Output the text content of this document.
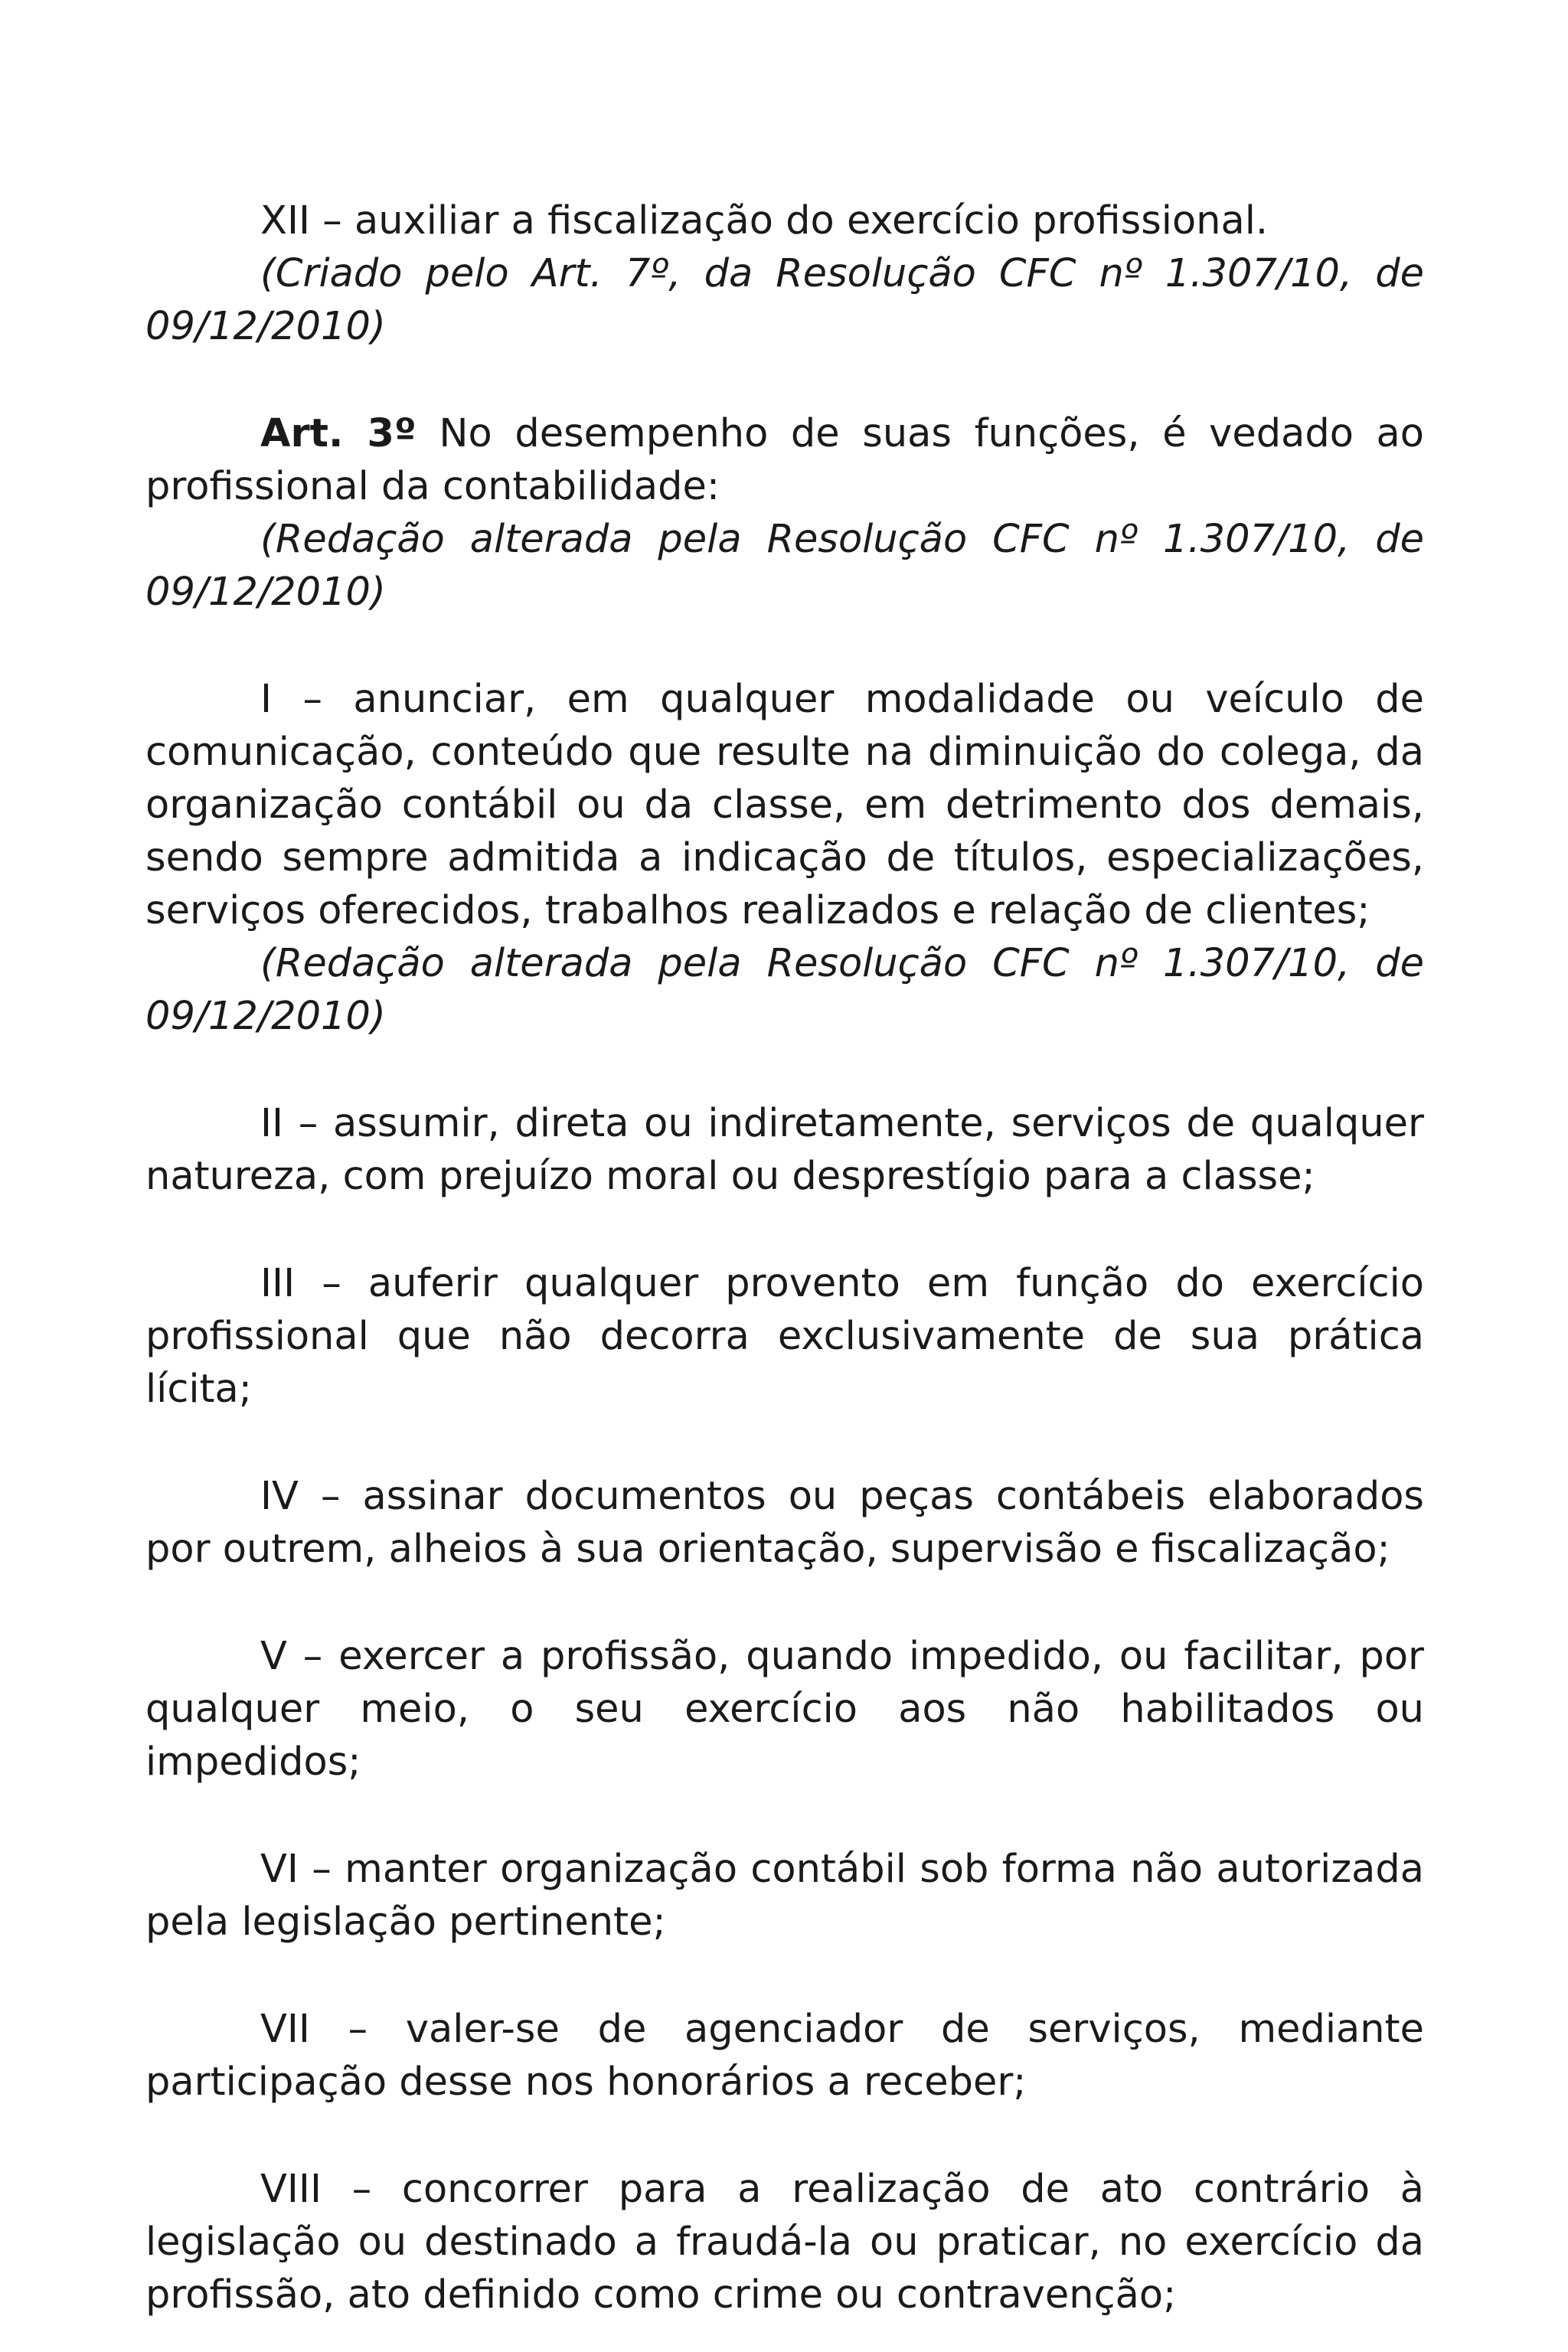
XII – auxiliar a fiscalização do exercício profissional.

(Criado pelo Art. 7º, da Resolução CFC nº 1.307/10, de 09/12/2010)

Art. 3º No desempenho de suas funções, é vedado ao profissional da contabilidade:

(Redação alterada pela Resolução CFC nº 1.307/10, de 09/12/2010)

I – anunciar, em qualquer modalidade ou veículo de comunicação, conteúdo que resulte na diminuição do colega, da organização contábil ou da classe, em detrimento dos demais, sendo sempre admitida a indicação de títulos, especializações, serviços oferecidos, trabalhos realizados e relação de clientes;

(Redação alterada pela Resolução CFC nº 1.307/10, de 09/12/2010)

II – assumir, direta ou indiretamente, serviços de qualquer natureza, com prejuízo moral ou desprestígio para a classe;

III – auferir qualquer provento em função do exercício profissional que não decorra exclusivamente de sua prática lícita;

IV – assinar documentos ou peças contábeis elaborados por outrem, alheios à sua orientação, supervisão e fiscalização;

V – exercer a profissão, quando impedido, ou facilitar, por qualquer meio, o seu exercício aos não habilitados ou impedidos;

VI – manter organização contábil sob forma não autorizada pela legislação pertinente;

VII – valer-se de agenciador de serviços, mediante participação desse nos honorários a receber;

VIII – concorrer para a realização de ato contrário à legislação ou destinado a fraudá-la ou praticar, no exercício da profissão, ato definido como crime ou contravenção;
